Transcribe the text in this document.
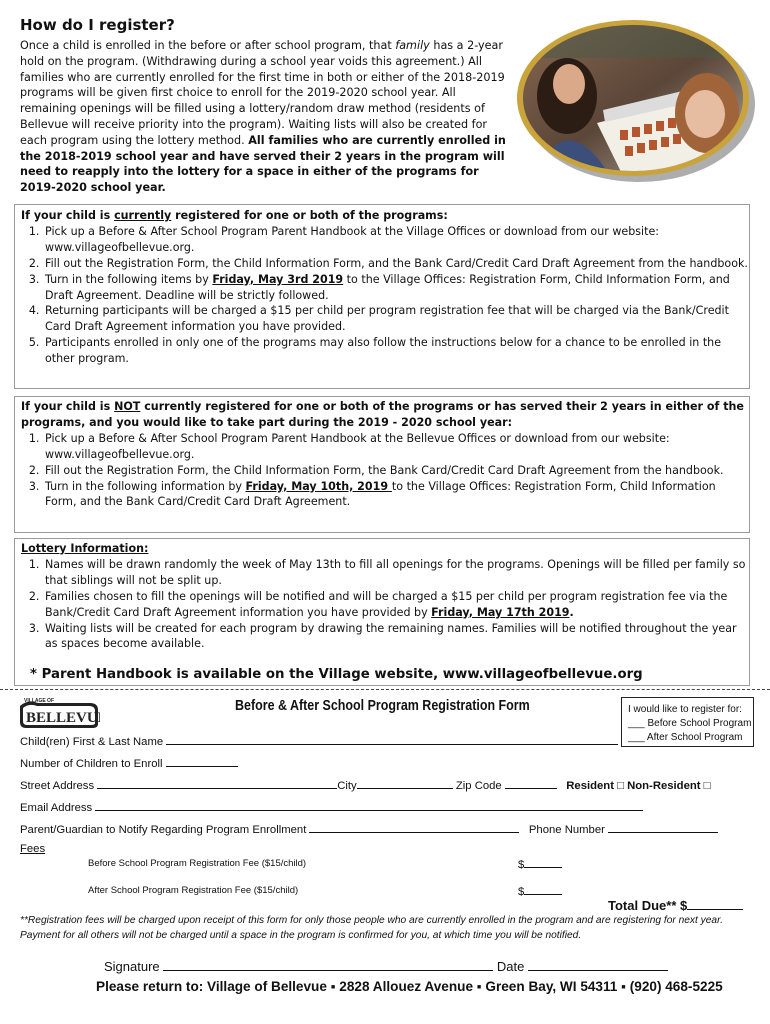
How do I register?
Once a child is enrolled in the before or after school program, that family has a 2-year hold on the program. (Withdrawing during a school year voids this agreement.) All families who are currently enrolled for the first time in both or either of the 2018-2019 programs will be given first choice to enroll for the 2019-2020 school year. All remaining openings will be filled using a lottery/random draw method (residents of Bellevue will receive priority into the program). Waiting lists will also be created for each program using the lottery method. All families who are currently enrolled in the 2018-2019 school year and have served their 2 years in the program will need to reapply into the lottery for a space in either of the programs for 2019-2020 school year.
If your child is currently registered for one or both of the programs:
1. Pick up a Before & After School Program Parent Handbook at the Village Offices or download from our website: www.villageofbellevue.org.
2. Fill out the Registration Form, the Child Information Form, and the Bank Card/Credit Card Draft Agreement from the handbook.
3. Turn in the following items by Friday, May 3rd 2019 to the Village Offices: Registration Form, Child Information Form, and Draft Agreement. Deadline will be strictly followed.
4. Returning participants will be charged a $15 per child per program registration fee that will be charged via the Bank/Credit Card Draft Agreement information you have provided.
5. Participants enrolled in only one of the programs may also follow the instructions below for a chance to be enrolled in the other program.
If your child is NOT currently registered for one or both of the programs or has served their 2 years in either of the programs, and you would like to take part during the 2019 - 2020 school year:
1. Pick up a Before & After School Program Parent Handbook at the Bellevue Offices or download from our website: www.villageofbellevue.org.
2. Fill out the Registration Form, the Child Information Form, the Bank Card/Credit Card Draft Agreement from the handbook.
3. Turn in the following information by Friday, May 10th, 2019 to the Village Offices: Registration Form, Child Information Form, and the Bank Card/Credit Card Draft Agreement.
Lottery Information:
1. Names will be drawn randomly the week of May 13th to fill all openings for the programs. Openings will be filled per family so that siblings will not be split up.
2. Families chosen to fill the openings will be notified and will be charged a $15 per child per program registration fee via the Bank/Credit Card Draft Agreement information you have provided by Friday, May 17th 2019.
3. Waiting lists will be created for each program by drawing the remaining names. Families will be notified throughout the year as spaces become available.
* Parent Handbook is available on the Village website, www.villageofbellevue.org
VILLAGE OF
BELLEVUE
Before & After School Program Registration Form	I would like to register for:
___ Before School Program
___ After School Program
Child(ren) First & Last Name
Number of Children to Enroll
Street Address	City	Zip Code	Resident □ Non-Resident □
Email Address
Parent/Guardian to Notify Regarding Program Enrollment	Phone Number
Fees
Before School Program Registration Fee ($15/child)	$
After School Program Registration Fee ($15/child)	$
Total Due** $
**Registration fees will be charged upon receipt of this form for only those people who are currently enrolled in the program and are registering for next year.
Payment for all others will not be charged until a space in the program is confirmed for you, at which time you will be notified.
Signature	Date
Please return to: Village of Bellevue ▪ 2828 Allouez Avenue ▪ Green Bay, WI 54311 ▪ (920) 468-5225
